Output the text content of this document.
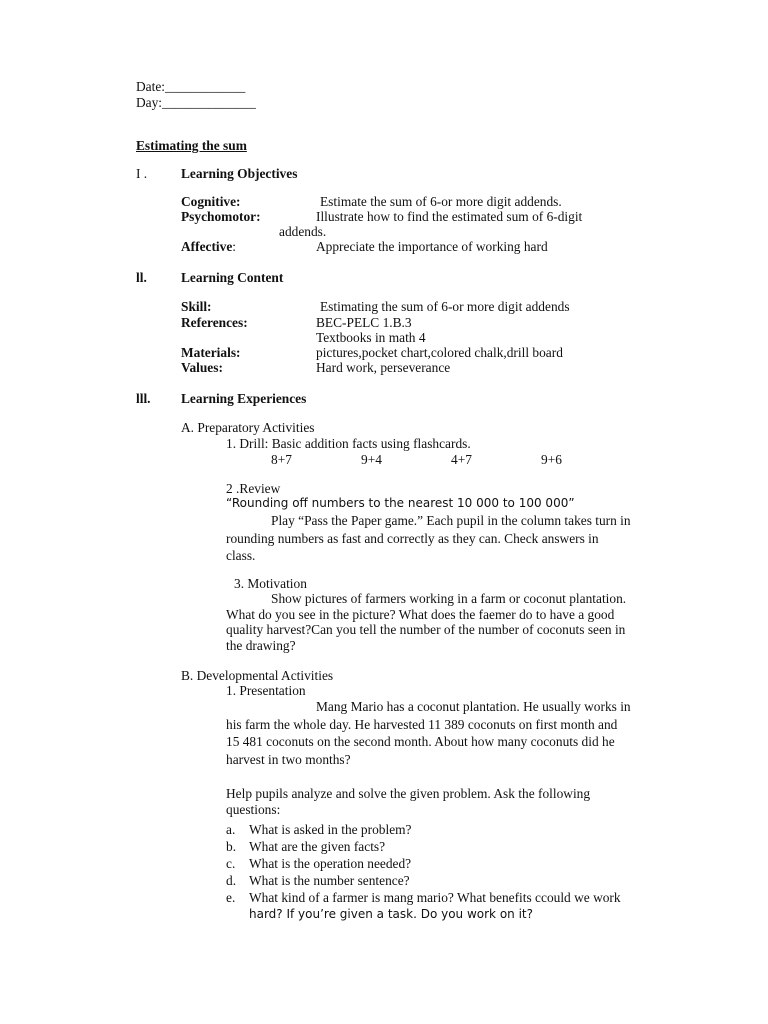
Date:____________
Day:______________
Estimating the sum
I .	Learning Objectives
Cognitive:	Estimate the sum of 6-or more digit addends.
Psychomotor:	Illustrate how to find the estimated sum of 6-digit
addends.
Affective:	Appreciate the importance of working hard
ll.	Learning Content
Skill:	Estimating the sum of 6-or more digit addends
References:	BEC-PELC 1.B.3
Textbooks in math 4
Materials:	pictures,pocket chart,colored chalk,drill board
Values:	Hard work, perseverance
lll. Learning Experiences
A. Preparatory Activities
1. Drill: Basic addition facts using flashcards.
8+7	9+4	4+7	9+6
2 .Review
“Rounding off numbers to the nearest 10 000 to 100 000”
Play “Pass the Paper game.” Each pupil in the column takes turn in
rounding numbers as fast and correctly as they can. Check answers in
class.
3. Motivation
Show pictures of farmers working in a farm or coconut plantation.
What do you see in the picture? What does the faemer do to have a good
quality harvest?Can you tell the number of the number of coconuts seen in
the drawing?
B. Developmental Activities
1. Presentation
Mang Mario has a coconut plantation. He usually works in
his farm the whole day. He harvested 11 389 coconuts on first month and
15 481 coconuts on the second month. About how many coconuts did he
harvest in two months?
Help pupils analyze and solve the given problem. Ask the following
questions:
a. What is asked in the problem?
b. What are the given facts?
c. What is the operation needed?
d. What is the number sentence?
e. What kind of a farmer is mang mario? What benefits ccould we work
hard? If you’re given a task. Do you work on it?
